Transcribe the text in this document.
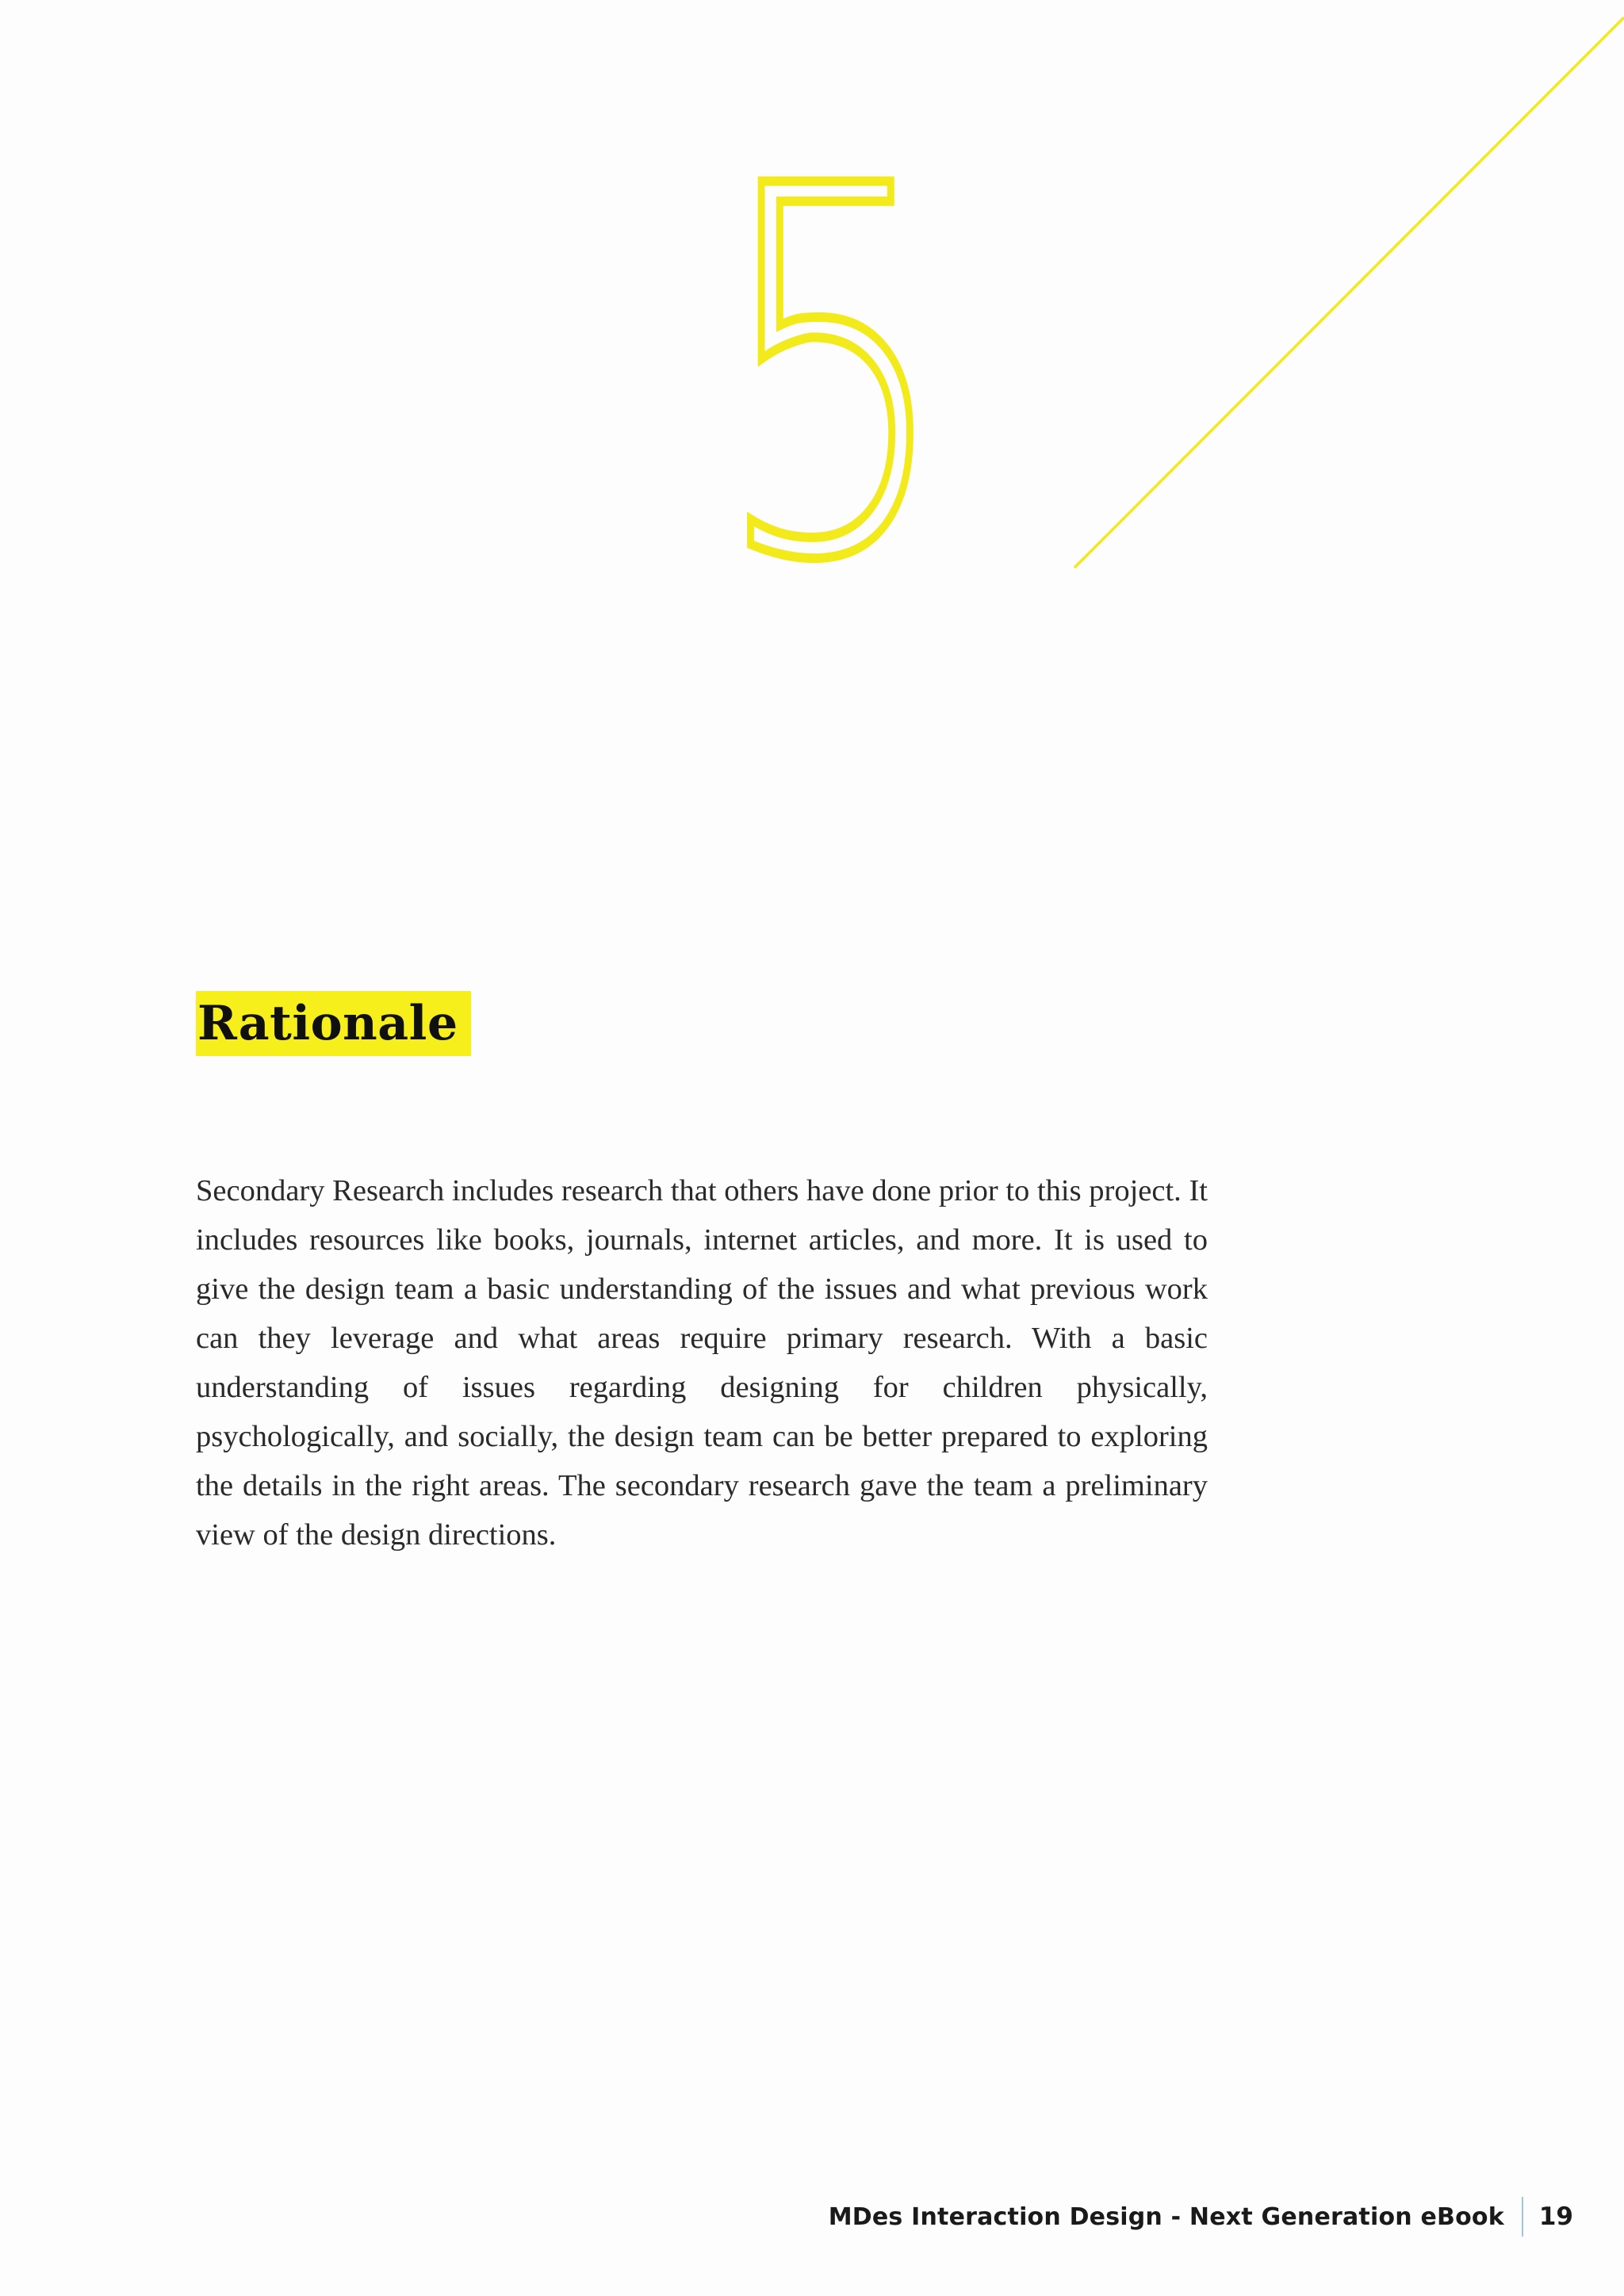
5
Rationale

Secondary Research includes research that others have done prior to this project. It includes resources like books, journals, internet articles, and more. It is used to give the design team a basic understanding of the issues and what previous work can they leverage and what areas require primary research. With a basic understanding of issues regarding designing for children physically, psychologically, and socially, the design team can be better prepared to exploring the details in the right areas. The secondary research gave the team a preliminary view of the design directions.

MDes Interaction Design - Next Generation eBook 19
